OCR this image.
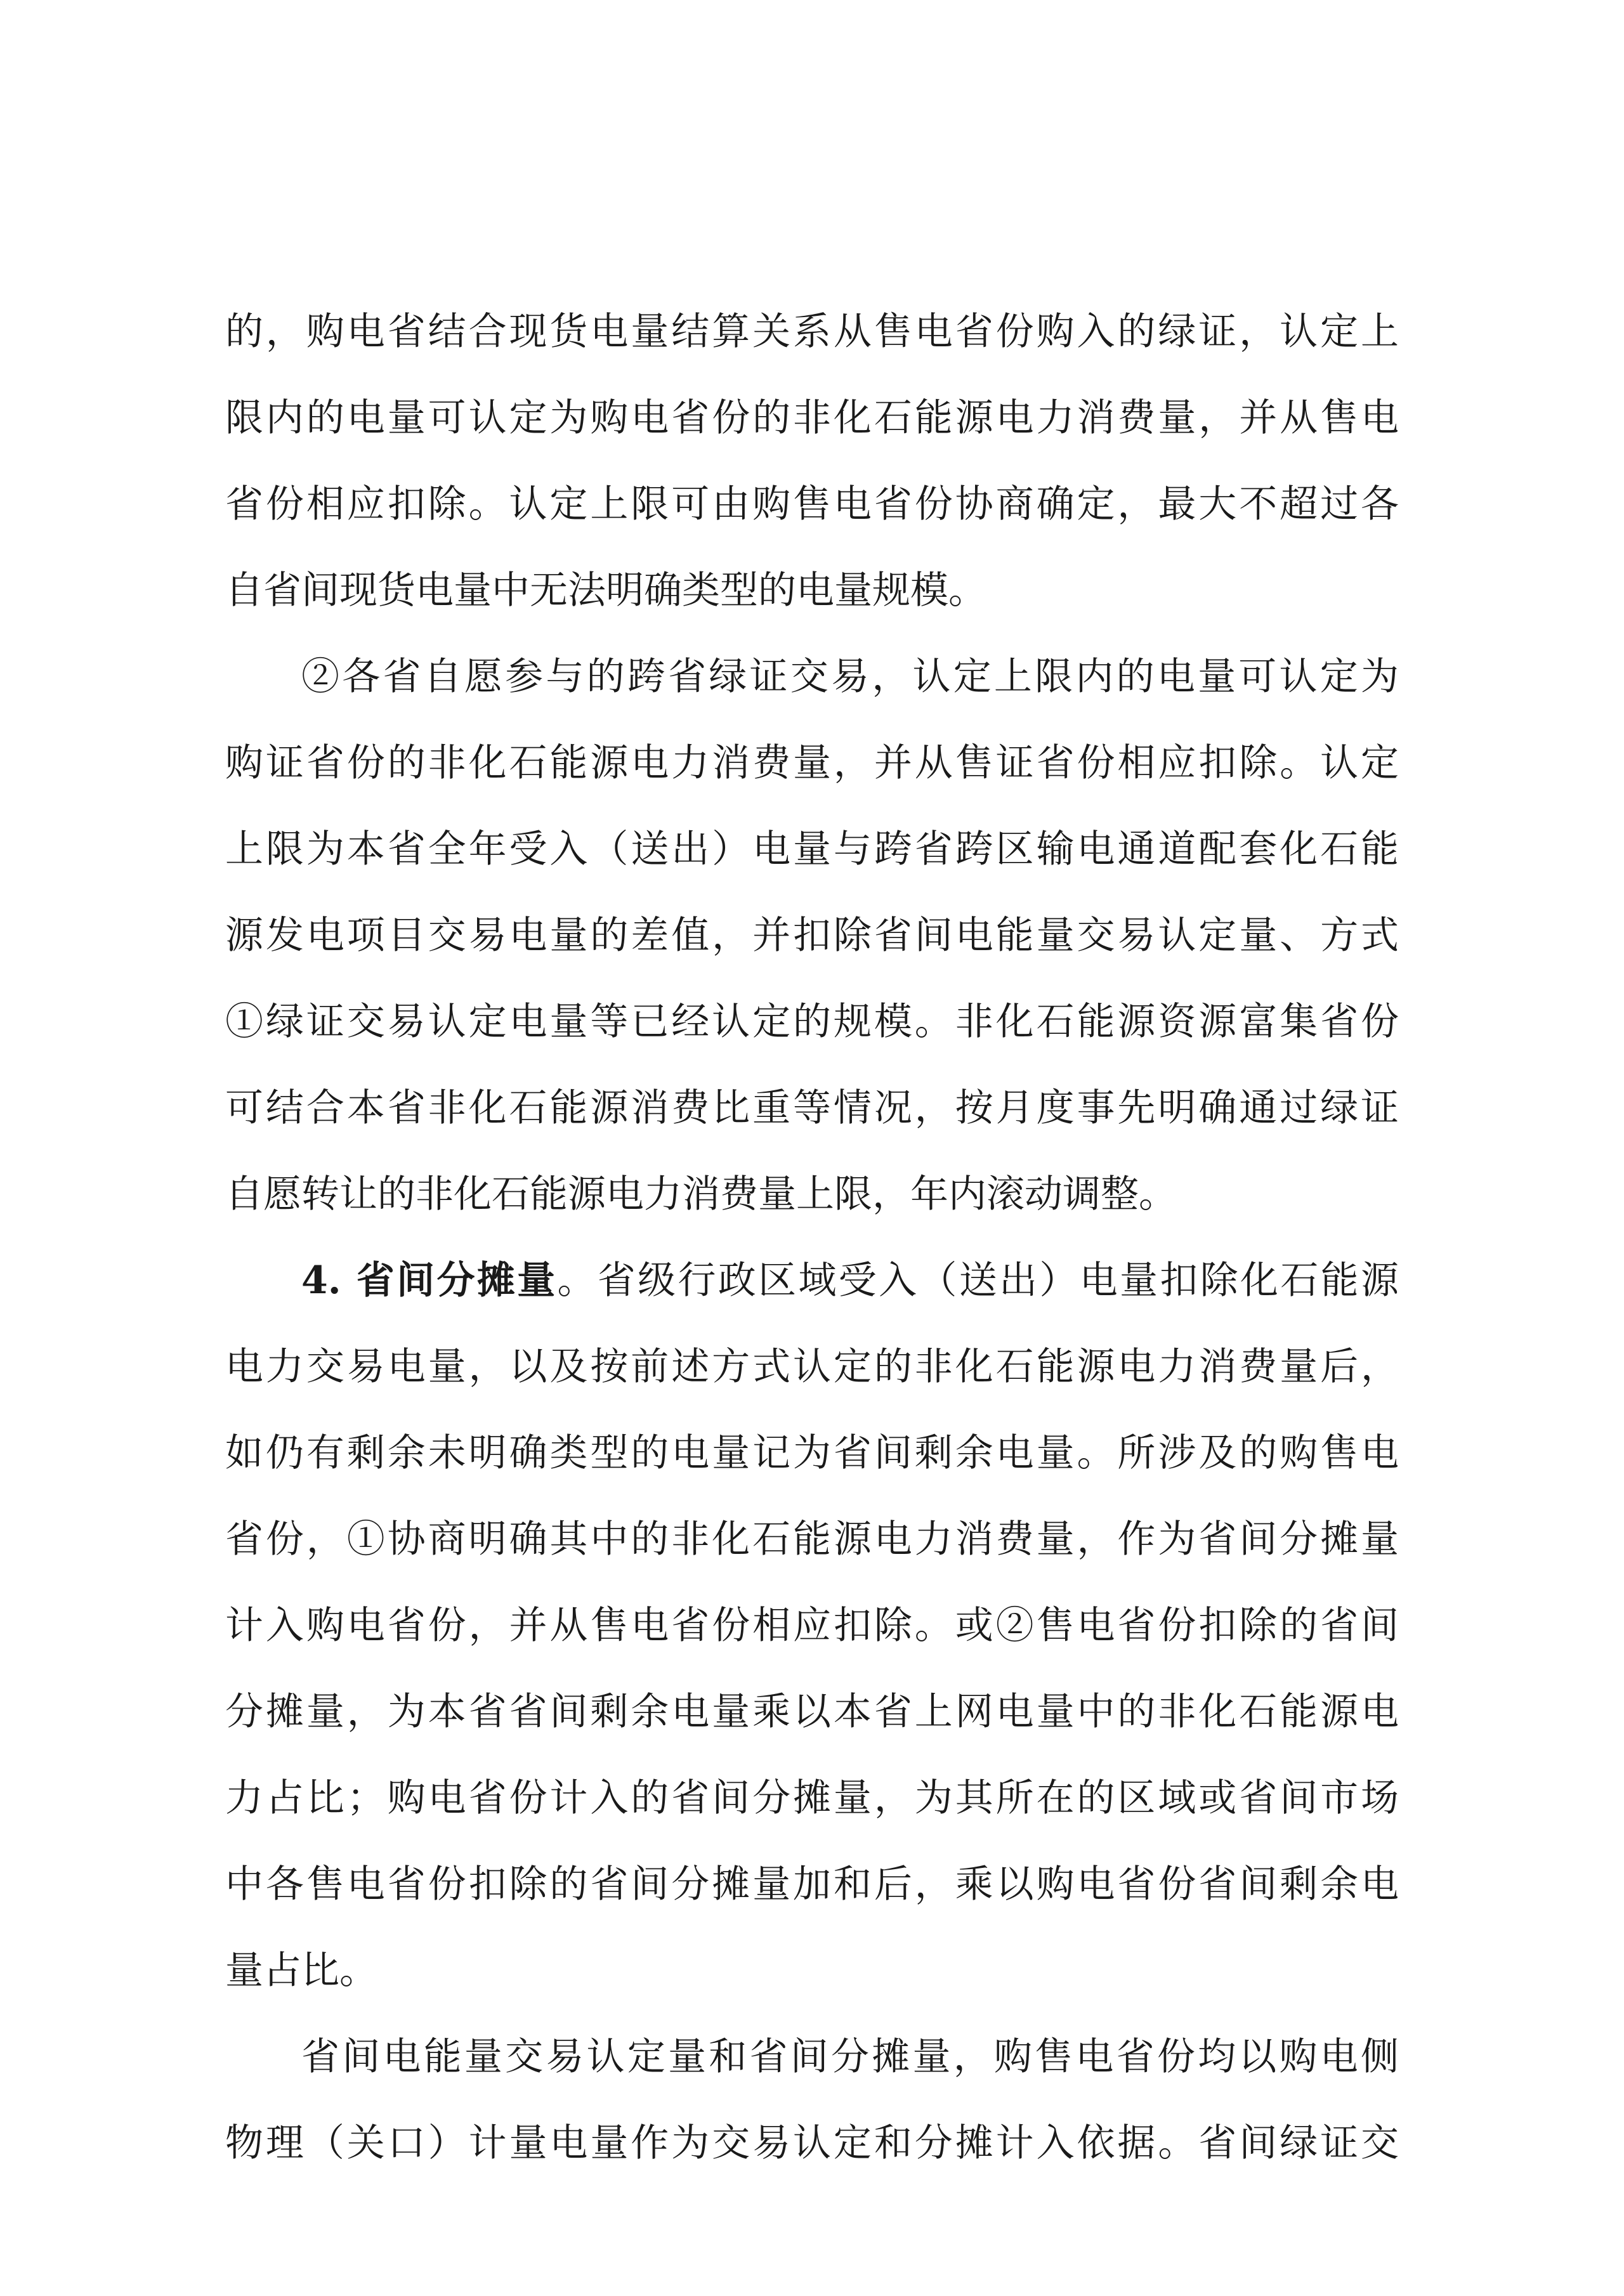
的，购电省结合现货电量结算关系从售电省份购入的绿证，认定上
限内的电量可认定为购电省份的非化石能源电力消费量，并从售电
省份相应扣除。认定上限可由购售电省份协商确定，最大不超过各
自省间现货电量中无法明确类型的电量规模。
②各省自愿参与的跨省绿证交易，认定上限内的电量可认定为
购证省份的非化石能源电力消费量，并从售证省份相应扣除。认定
上限为本省全年受入（送出）电量与跨省跨区输电通道配套化石能
源发电项目交易电量的差值，并扣除省间电能量交易认定量、方式
①绿证交易认定电量等已经认定的规模。非化石能源资源富集省份
可结合本省非化石能源消费比重等情况，按月度事先明确通过绿证
自愿转让的非化石能源电力消费量上限，年内滚动调整。
4. 省间分摊量。省级行政区域受入（送出）电量扣除化石能源
电力交易电量，以及按前述方式认定的非化石能源电力消费量后，
如仍有剩余未明确类型的电量记为省间剩余电量。所涉及的购售电
省份，①协商明确其中的非化石能源电力消费量，作为省间分摊量
计入购电省份，并从售电省份相应扣除。或②售电省份扣除的省间
分摊量，为本省省间剩余电量乘以本省上网电量中的非化石能源电
力占比；购电省份计入的省间分摊量，为其所在的区域或省间市场
中各售电省份扣除的省间分摊量加和后，乘以购电省份省间剩余电
量占比。
省间电能量交易认定量和省间分摊量，购售电省份均以购电侧
物理（关口）计量电量作为交易认定和分摊计入依据。省间绿证交
